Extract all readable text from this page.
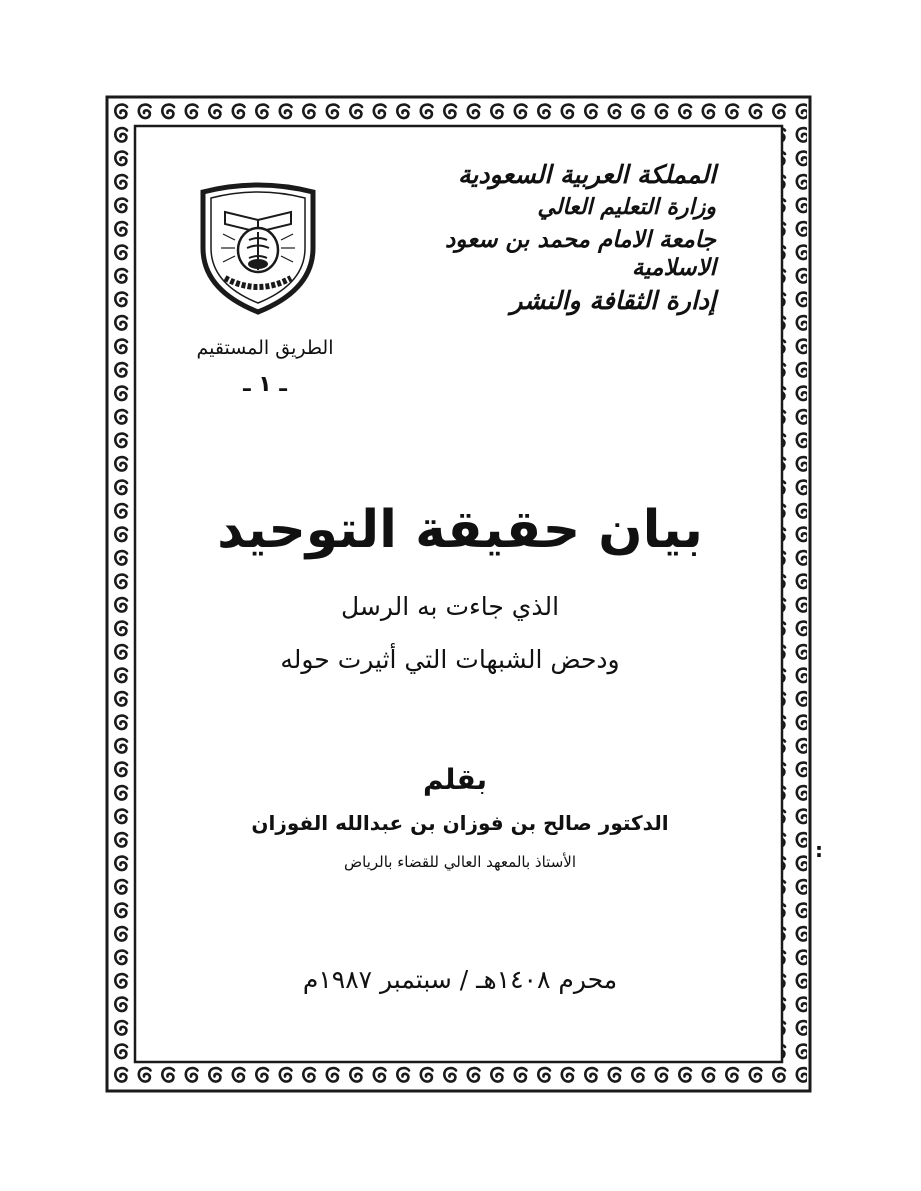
المملكة العربية السعودية
وزارة التعليم العالي
جامعة الامام محمد بن سعود الاسلامية
إدارة الثقافة والنشر
الطريق المستقيم
ـ ١ ـ
بيان حقيقة التوحيد
الذي جاءت به الرسل
ودحض الشبهات التي أثيرت حوله
بقلم
الدكتور صالح بن فوزان بن عبدالله الفوزان
الأستاذ بالمعهد العالي للقضاء بالرياض
محرم ١٤٠٨هـ / سبتمبر ١٩٨٧م
:
